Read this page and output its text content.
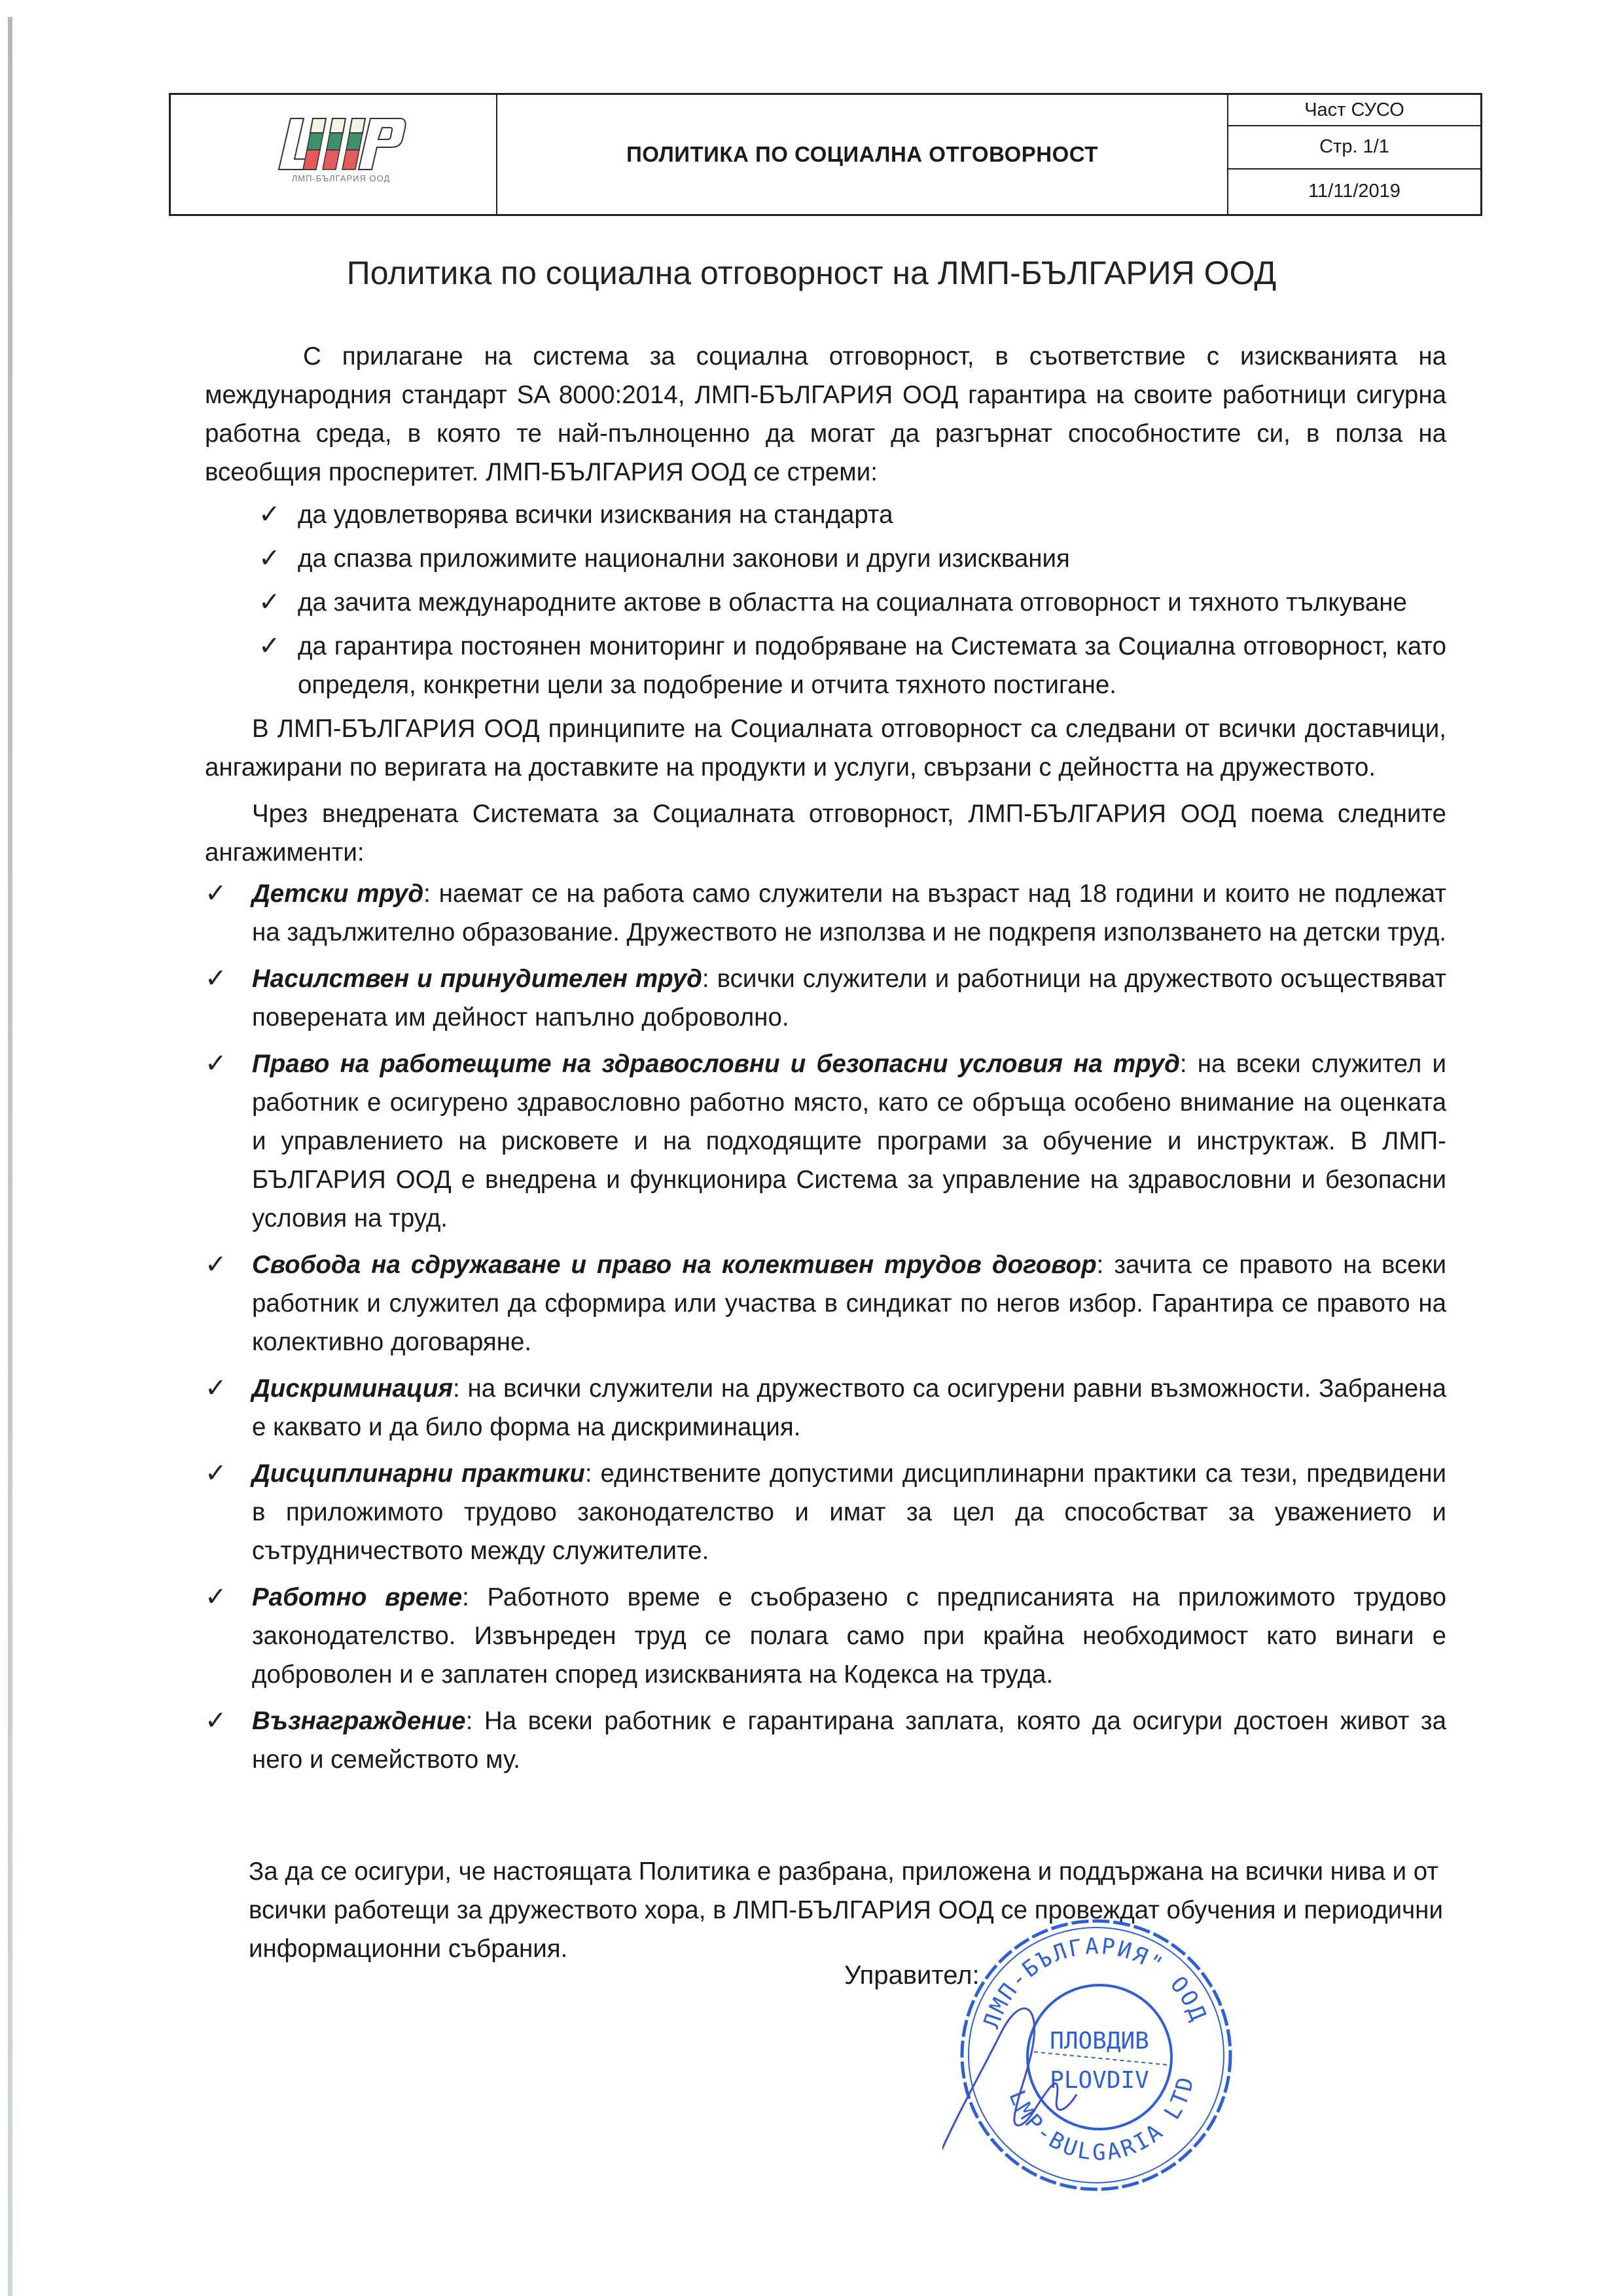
ЛМП-БЪЛГАРИЯ ООД
ПОЛИТИКА ПО СОЦИАЛНА ОТГОВОРНОСТ
Част СУСО
Стр. 1/1
11/11/2019
Политика по социална отговорност на ЛМП-БЪЛГАРИЯ ООД

С прилагане на система за социална отговорност, в съответствие с изискванията на международния стандарт SA 8000:2014, ЛМП-БЪЛГАРИЯ ООД гарантира на своите работници сигурна работна среда, в която те най-пълноценно да могат да разгърнат способностите си, в полза на всеобщия просперитет. ЛМП-БЪЛГАРИЯ ООД се стреми:

✓ да удовлетворява всички изисквания на стандарта
✓ да спазва приложимите национални законови и други изисквания
✓ да зачита международните актове в областта на социалната отговорност и тяхното тълкуване
✓ да гарантира постоянен мониторинг и подобряване на Системата за Социална отговорност, като определя, конкретни цели за подобрение и отчита тяхното постигане.

В ЛМП-БЪЛГАРИЯ ООД принципите на Социалната отговорност са следвани от всички доставчици, ангажирани по веригата на доставките на продукти и услуги, свързани с дейността на дружеството.

Чрез внедрената Системата за Социалната отговорност, ЛМП-БЪЛГАРИЯ ООД поема следните ангажименти:

✓ Детски труд: наемат се на работа само служители на възраст над 18 години и които не подлежат на задължително образование. Дружеството не използва и не подкрепя използването на детски труд.
✓ Насилствен и принудителен труд: всички служители и работници на дружеството осъществяват поверената им дейност напълно доброволно.
✓ Право на работещите на здравословни и безопасни условия на труд: на всеки служител и работник е осигурено здравословно работно място, като се обръща особено внимание на оценката и управлението на рисковете и на подходящите програми за обучение и инструктаж. В ЛМП-БЪЛГАРИЯ ООД е внедрена и функционира Система за управление на здравословни и безопасни условия на труд.
✓ Свобода на сдружаване и право на колективен трудов договор: зачита се правото на всеки работник и служител да сформира или участва в синдикат по негов избор. Гарантира се правото на колективно договаряне.
✓ Дискриминация: на всички служители на дружеството са осигурени равни възможности. Забранена е каквато и да било форма на дискриминация.
✓ Дисциплинарни практики: единствените допустими дисциплинарни практики са тези, предвидени в приложимото трудово законодателство и имат за цел да способстват за уважението и сътрудничеството между служителите.
✓ Работно време: Работното време е съобразено с предписанията на приложимото трудово законодателство. Извънреден труд се полага само при крайна необходимост като винаги е доброволен и е заплатен според изискванията на Кодекса на труда.
✓ Възнаграждение: На всеки работник е гарантирана заплата, която да осигури достоен живот за него и семейството му.
За да се осигури, че настоящата Политика е разбрана, приложена и поддържана на всички нива и от всички работещи за дружеството хора, в ЛМП-БЪЛГАРИЯ ООД се провеждат обучения и периодични информационни събрания.
Управител:
ЛМП-БЪЛГАРИЯ" ООД
LMP-BULGARIA LTD
ПЛОВДИВ
PLOVDIV
